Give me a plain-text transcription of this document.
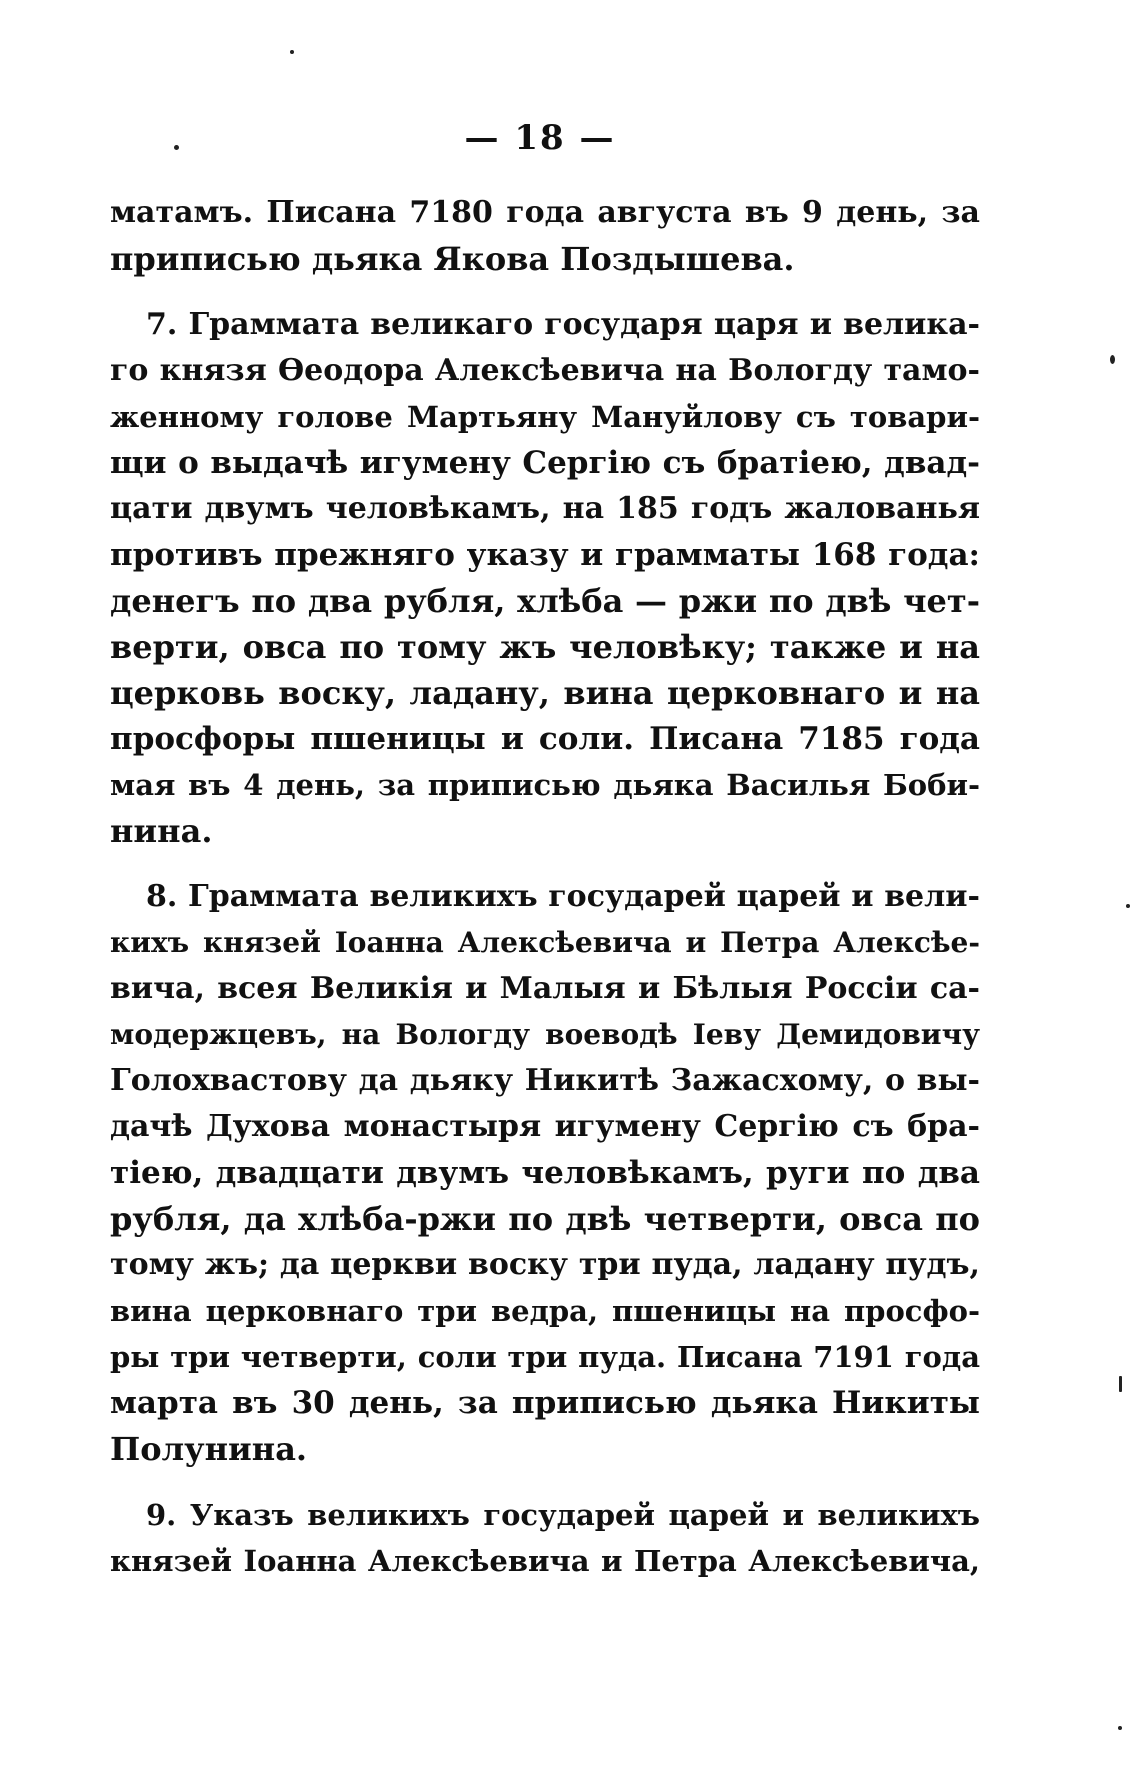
— 18 —
матамъ. Писана 7180 года августа въ 9 день, за
приписью дьяка Якова Поздышева.
7. Граммата великаго государя царя и велика-
го князя Ѳеодора Алексѣевича на Вологду тамо-
женному голове Мартьяну Мануйлову съ товари-
щи о выдачѣ игумену Сергію съ братіею, двад-
цати двумъ человѣкамъ, на 185 годъ жалованья
противъ прежняго указу и грамматы 168 года:
денегъ по два рубля, хлѣба — ржи по двѣ чет-
верти, овса по тому жъ человѣку; также и на
церковь воску, ладану, вина церковнаго и на
просфоры пшеницы и соли. Писана 7185 года
мая въ 4 день, за приписью дьяка Василья Боби-
нина.
8. Граммата великихъ государей царей и вели-
кихъ князей Іоанна Алексѣевича и Петра Алексѣе-
вича, всея Великія и Малыя и Бѣлыя Россіи са-
модержцевъ, на Вологду воеводѣ Іеву Демидовичу
Голохвастову да дьяку Никитѣ Зажасхому, о вы-
дачѣ Духова монастыря игумену Сергію съ бра-
тіею, двадцати двумъ человѣкамъ, руги по два
рубля, да хлѣба-ржи по двѣ четверти, овса по
тому жъ; да церкви воску три пуда, ладану пудъ,
вина церковнаго три ведра, пшеницы на просфо-
ры три четверти, соли три пуда. Писана 7191 года
марта въ 30 день, за приписью дьяка Никиты
Полунина.
9. Указъ великихъ государей царей и великихъ
князей Іоанна Алексѣевича и Петра Алексѣевича,
